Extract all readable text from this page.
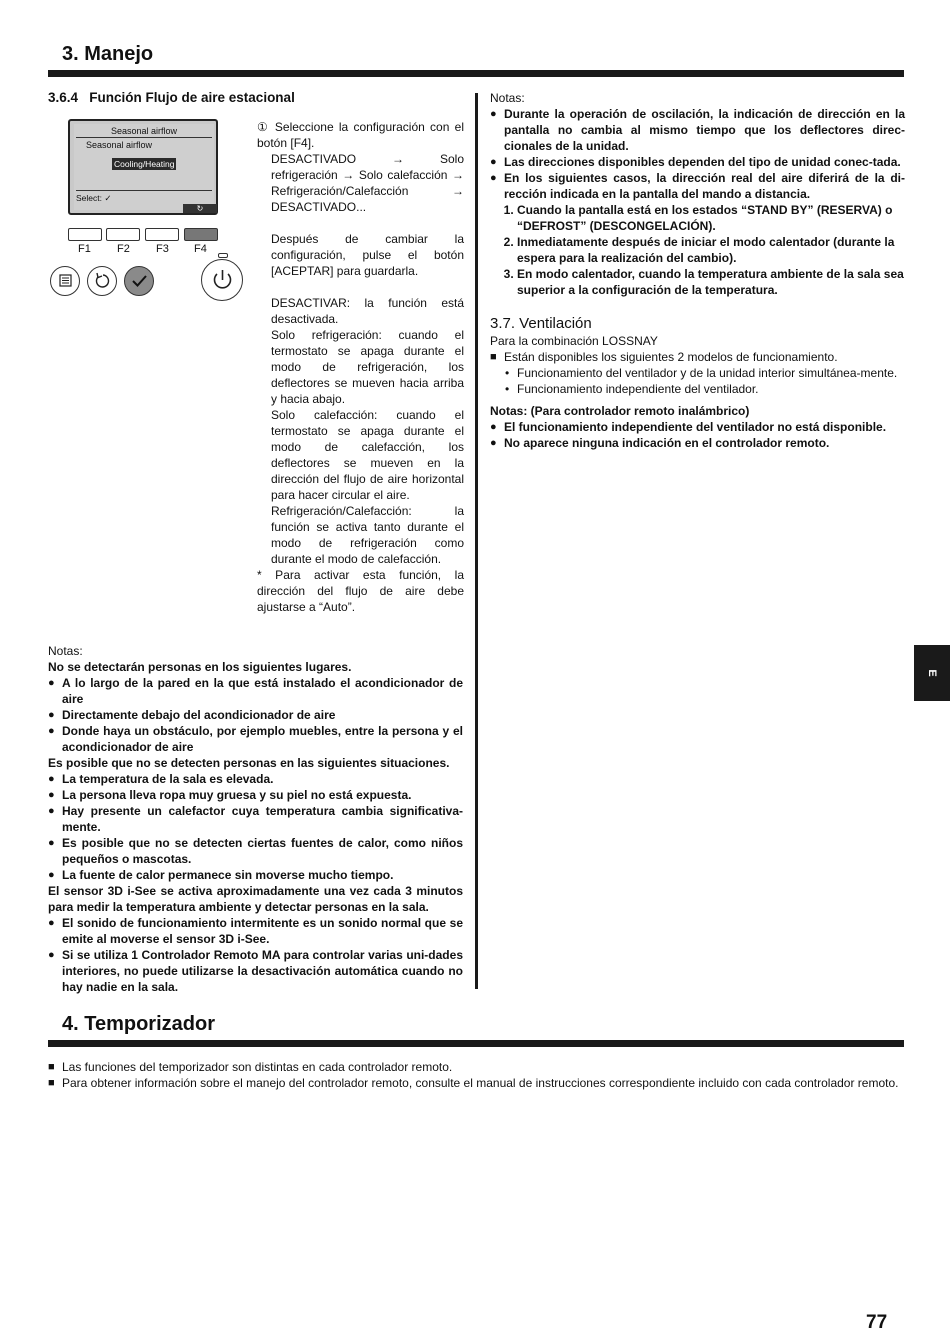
3. Manejo
3.6.4   Función Flujo de aire estacional
Seasonal airflow
Seasonal airflow
Cooling/Heating
Select: ✓
↻
F1 F2 F3 F4
① Seleccione la configuración con el botón [F4].
DESACTIVADO → Solo refrigeración → Solo calefacción → Refrigeración/Calefacción → DESACTIVADO...
Después de cambiar la configuración, pulse el botón [ACEPTAR] para guardarla.
DESACTIVAR: la función está desactivada.
Solo refrigeración: cuando el termostato se apaga durante el modo de refrigeración, los deflectores se mueven hacia arriba y hacia abajo.
Solo calefacción: cuando el termostato se apaga durante el modo de calefacción, los deflectores se mueven en la dirección del flujo de aire horizontal para hacer circular el aire.
Refrigeración/Calefacción: la función se activa tanto durante el modo de refrigeración como durante el modo de calefacción.
* Para activar esta función, la dirección del flujo de aire debe ajustarse a “Auto”.
Notas:
No se detectarán personas en los siguientes lugares.
● A lo largo de la pared en la que está instalado el acondicionador de aire
● Directamente debajo del acondicionador de aire
● Donde haya un obstáculo, por ejemplo muebles, entre la persona y el acondicionador de aire
Es posible que no se detecten personas en las siguientes situaciones.
● La temperatura de la sala es elevada.
● La persona lleva ropa muy gruesa y su piel no está expuesta.
● Hay presente un calefactor cuya temperatura cambia significativa-mente.
● Es posible que no se detecten ciertas fuentes de calor, como niños pequeños o mascotas.
● La fuente de calor permanece sin moverse mucho tiempo.
El sensor 3D i-See se activa aproximadamente una vez cada 3 minutos para medir la temperatura ambiente y detectar personas en la sala.
● El sonido de funcionamiento intermitente es un sonido normal que se emite al moverse el sensor 3D i-See.
● Si se utiliza 1 Controlador Remoto MA para controlar varias uni-dades interiores, no puede utilizarse la desactivación automática cuando no hay nadie en la sala.
Notas:
● Durante la operación de oscilación, la indicación de dirección en la pantalla no cambia al mismo tiempo que los deflectores direc-cionales de la unidad.
● Las direcciones disponibles dependen del tipo de unidad conec-tada.
● En los siguientes casos, la dirección real del aire diferirá de la di-rección indicada en la pantalla del mando a distancia.
1. Cuando la pantalla está en los estados “STAND BY” (RESERVA) o “DEFROST” (DESCONGELACIÓN).
2. Inmediatamente después de iniciar el modo calentador (durante la espera para la realización del cambio).
3. En modo calentador, cuando la temperatura ambiente de la sala sea superior a la configuración de la temperatura.
3.7. Ventilación
Para la combinación LOSSNAY
■ Están disponibles los siguientes 2 modelos de funcionamiento.
• Funcionamiento del ventilador y de la unidad interior simultánea-mente.
• Funcionamiento independiente del ventilador.
Notas: (Para controlador remoto inalámbrico)
● El funcionamiento independiente del ventilador no está disponible.
● No aparece ninguna indicación en el controlador remoto.
4. Temporizador
■ Las funciones del temporizador son distintas en cada controlador remoto.
■ Para obtener información sobre el manejo del controlador remoto, consulte el manual de instrucciones correspondiente incluido con cada controlador remoto.
E
77
